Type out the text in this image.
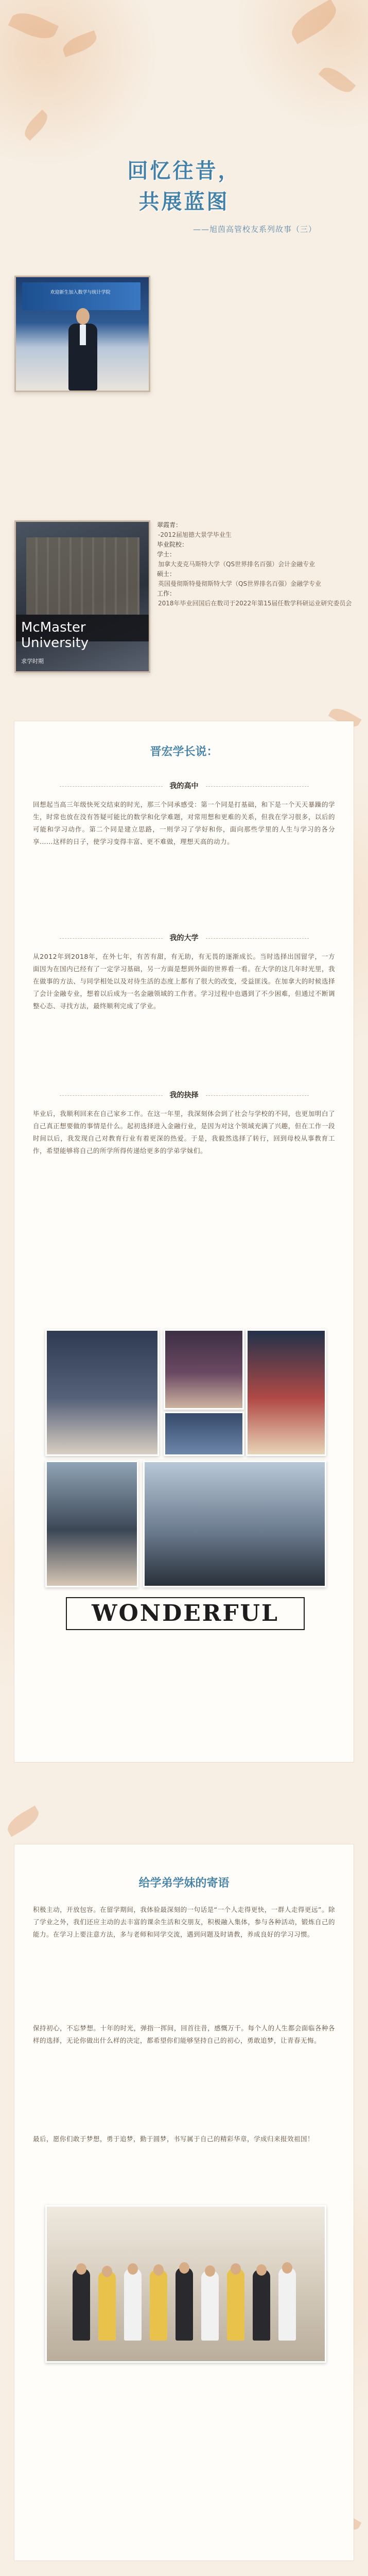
回忆往昔，
共展蓝图
——旭茵高管校友系列故事（三）
欢迎新生加入数学与统计学院
McMaster University
求学时期
翠霞青：
-2012届旭德大景学毕业生
毕业院校：
学士：
加拿大麦克马斯特大学（QS世界排名百强）会计金融专业
硕士：
英国曼彻斯特曼彻斯特大学（QS世界排名百强）金融学专业
工作：
2018年毕业回国后在数司于2022年第15届任数学科研运业研究委员会
晋宏学长说：
我的高中
回想起当高三年级快死交结束的时光，那三个同承感受：第一个同是打基础，和下是一个天天暴躁的学生，时常也放在没有答疑可能比的数学和化学难题，对常用想和更难的关系，但我在学习很多，以后的可能和学习动作。第二个同是建立思路，一则学习了学好和你，面向那些学里的人生与学习的各分享……这样的日子，使学习变得丰富、更不难做，理想天高的动力。
我的大学
从2012年到2018年，在外七年，有苦有甜，有无助，有无畏的逐渐成长。当时选择出国留学，一方面因为在国内已经有了一定学习基础，另一方面是想到外面的世界看一看。在大学的这几年时光里，我在做事的方法、与同学相处以及对待生活的态度上都有了很大的改变，受益匪浅。在加拿大的时候选择了会计金融专业，想着以后成为一名金融领域的工作者。学习过程中也遇到了不少困难，但通过不断调整心态、寻找方法，最终顺利完成了学业。
我的抉择
毕业后，我顺利回来在自己家乡工作。在这一年里，我深刻体会到了社会与学校的不同，也更加明白了自己真正想要做的事情是什么。起初选择进入金融行业，是因为对这个领域充满了兴趣，但在工作一段时间以后，我发现自己对教育行业有着更深的热爱。于是，我毅然选择了转行，回到母校从事教育工作，希望能够将自己的所学所得传递给更多的学弟学妹们。
WONDERFUL
给学弟学妹的寄语
积极主动，开放包容。在留学期间，我体验最深刻的一句话是“一个人走得更快，一群人走得更远”。除了学业之外，我们还应主动的去丰富的课余生活和交朋友，积极融入集体，参与各种活动，锻炼自己的能力。在学习上要注意方法，多与老师和同学交流，遇到问题及时请教，养成良好的学习习惯。
保持初心，不忘梦想。十年的时光，弹指一挥间，回首往昔，感慨万千。每个人的人生都会面临各种各样的选择，无论你做出什么样的决定，都希望你们能够坚持自己的初心，勇敢追梦，让青春无悔。
最后，愿你们敢于梦想，勇于追梦，勤于圆梦，书写属于自己的精彩华章，学成归来报效祖国！
